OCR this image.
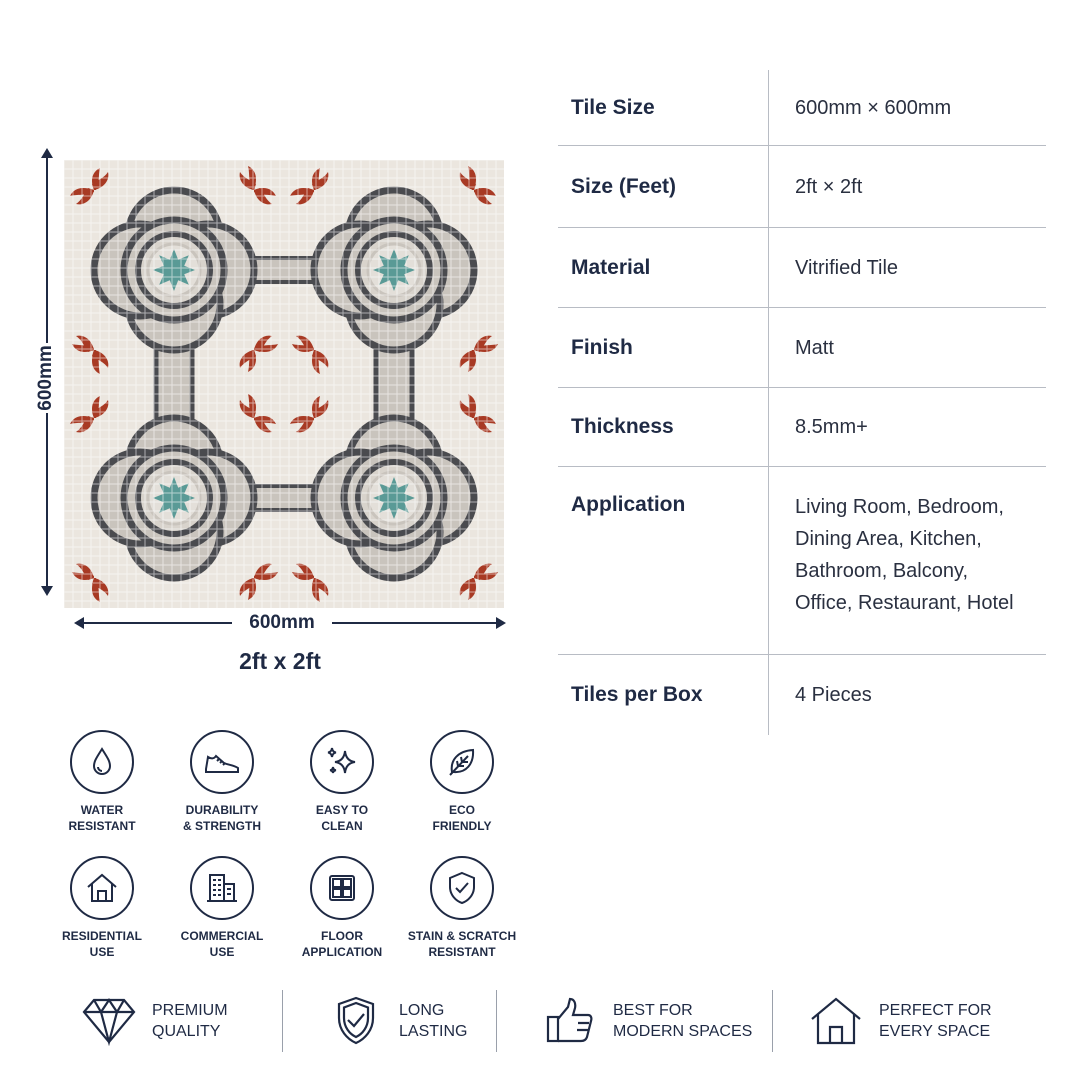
600mm
600mm
2ft x 2ft
Tile Size	600mm × 600mm
Size (Feet)	2ft × 2ft
Material	Vitrified Tile
Finish	Matt
Thickness	8.5mm+
Application	Living Room, Bedroom,
Dining Area, Kitchen,
Bathroom, Balcony,
Office, Restaurant, Hotel
Tiles per Box	4 Pieces
WATER
RESISTANT
DURABILITY
& STRENGTH
EASY TO
CLEAN
ECO
FRIENDLY
RESIDENTIAL
USE
COMMERCIAL
USE
FLOOR
APPLICATION
STAIN & SCRATCH
RESISTANT
PREMIUM
QUALITY
LONG
LASTING
BEST FOR
MODERN SPACES
PERFECT FOR
EVERY SPACE
